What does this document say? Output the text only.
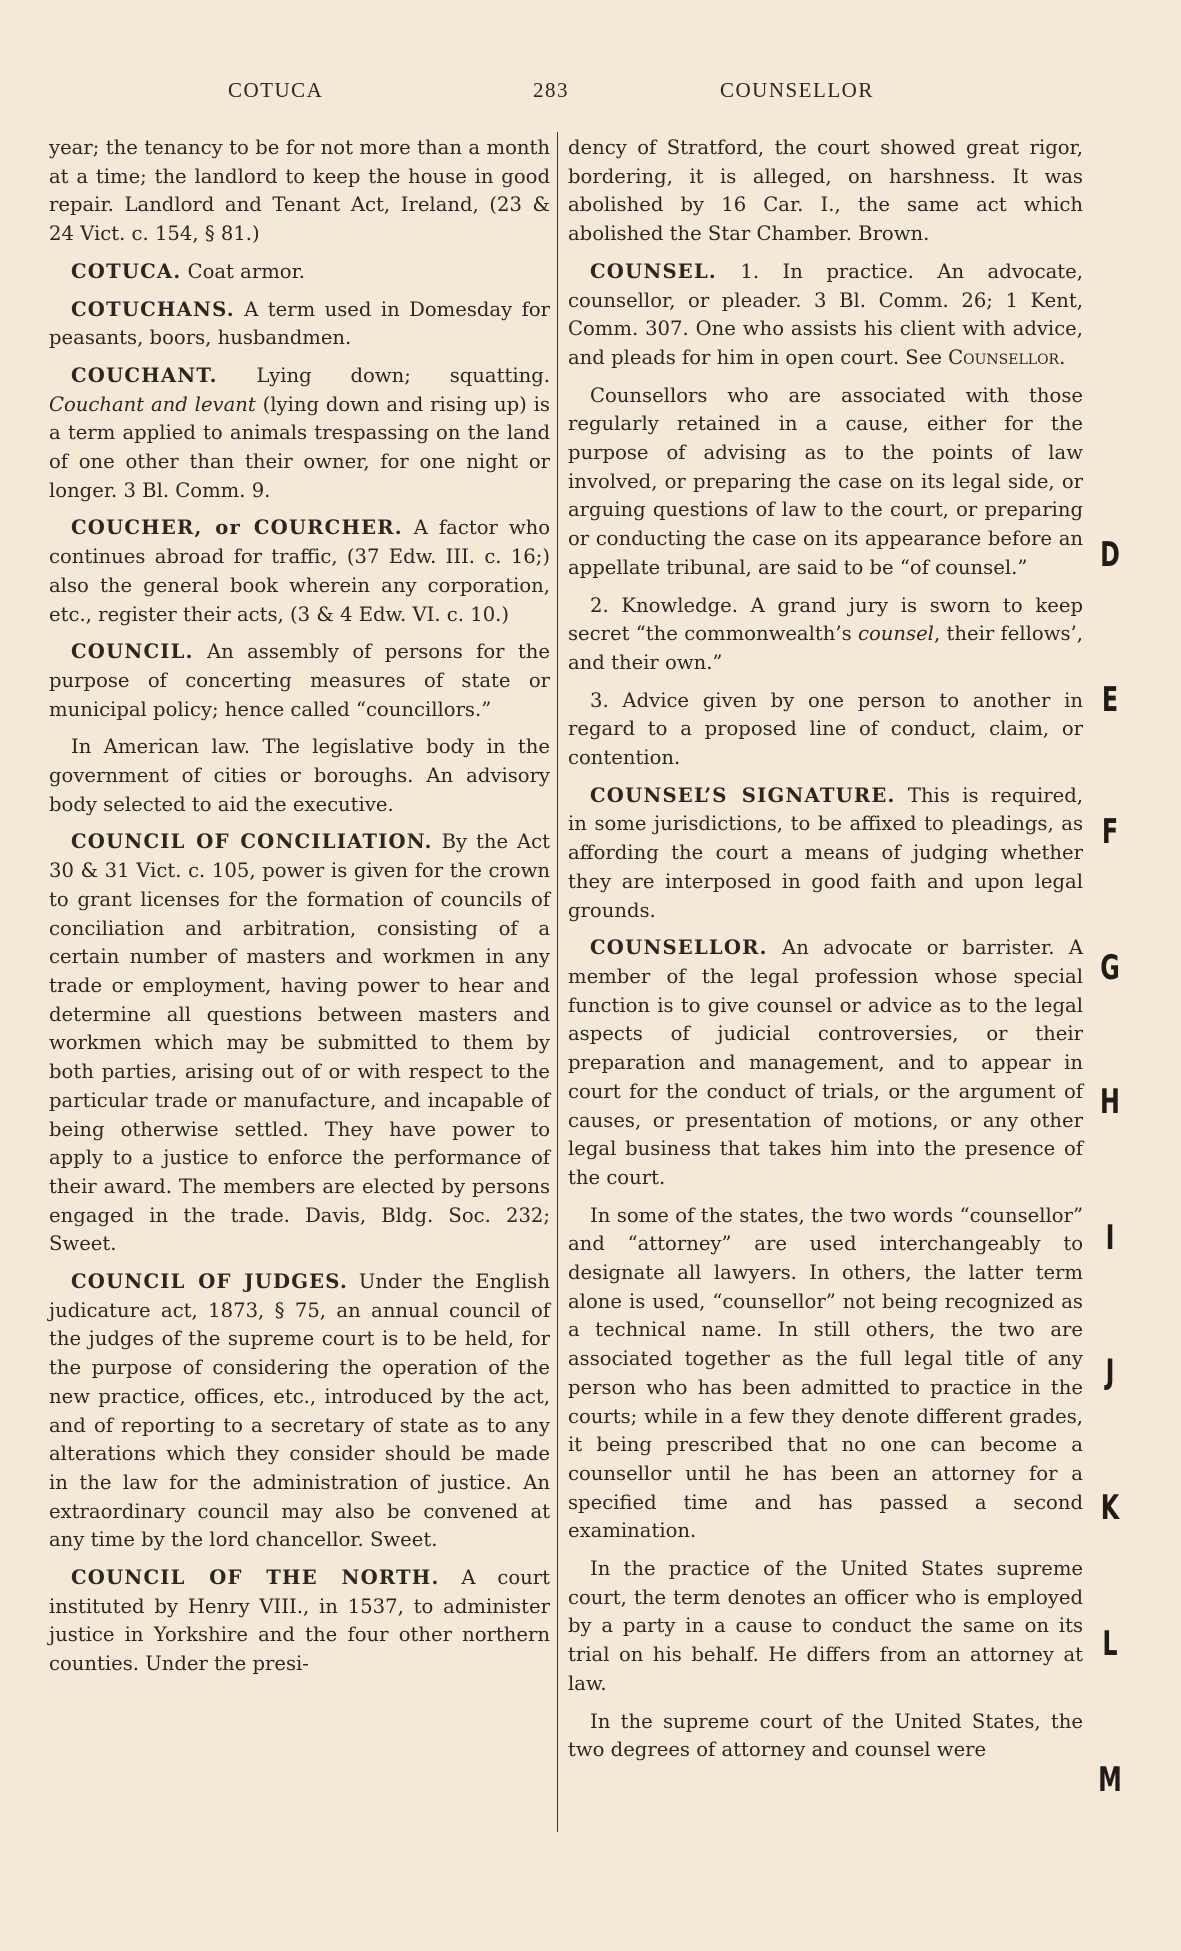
COTUCA	283	COUNSELLOR

year; the tenancy to be for not more than a month at a time; the landlord to keep the house in good repair. Landlord and Tenant Act, Ireland, (23 & 24 Vict. c. 154, § 81.)

COTUCA. Coat armor.

COTUCHANS. A term used in Domesday for peasants, boors, husbandmen.

COUCHANT. Lying down; squatting. Couchant and levant (lying down and rising up) is a term applied to animals trespassing on the land of one other than their owner, for one night or longer. 3 Bl. Comm. 9.

COUCHER, or COURCHER. A factor who continues abroad for traffic, (37 Edw. III. c. 16;) also the general book wherein any corporation, etc., register their acts, (3 & 4 Edw. VI. c. 10.)

COUNCIL. An assembly of persons for the purpose of concerting measures of state or municipal policy; hence called “councillors.”

In American law. The legislative body in the government of cities or boroughs. An advisory body selected to aid the executive.

COUNCIL OF CONCILIATION. By the Act 30 & 31 Vict. c. 105, power is given for the crown to grant licenses for the formation of councils of conciliation and arbitration, consisting of a certain number of masters and workmen in any trade or employment, having power to hear and determine all questions between masters and workmen which may be submitted to them by both parties, arising out of or with respect to the particular trade or manufacture, and incapable of being otherwise settled. They have power to apply to a justice to enforce the performance of their award. The members are elected by persons engaged in the trade. Davis, Bldg. Soc. 232; Sweet.

COUNCIL OF JUDGES. Under the English judicature act, 1873, § 75, an annual council of the judges of the supreme court is to be held, for the purpose of considering the operation of the new practice, offices, etc., introduced by the act, and of reporting to a secretary of state as to any alterations which they consider should be made in the law for the administration of justice. An extraordinary council may also be convened at any time by the lord chancellor. Sweet.

COUNCIL OF THE NORTH. A court instituted by Henry VIII., in 1537, to administer justice in Yorkshire and the four other northern counties. Under the presi-

dency of Stratford, the court showed great rigor, bordering, it is alleged, on harshness. It was abolished by 16 Car. I., the same act which abolished the Star Chamber. Brown.

COUNSEL. 1. In practice. An advocate, counsellor, or pleader. 3 Bl. Comm. 26; 1 Kent, Comm. 307. One who assists his client with advice, and pleads for him in open court. See Counsellor.

Counsellors who are associated with those regularly retained in a cause, either for the purpose of advising as to the points of law involved, or preparing the case on its legal side, or arguing questions of law to the court, or preparing or conducting the case on its appearance before an appellate tribunal, are said to be “of counsel.”

2. Knowledge. A grand jury is sworn to keep secret “the commonwealth’s counsel, their fellows’, and their own.”

3. Advice given by one person to another in regard to a proposed line of conduct, claim, or contention.

COUNSEL’S SIGNATURE. This is required, in some jurisdictions, to be affixed to pleadings, as affording the court a means of judging whether they are interposed in good faith and upon legal grounds.

COUNSELLOR. An advocate or barrister. A member of the legal profession whose special function is to give counsel or advice as to the legal aspects of judicial controversies, or their preparation and management, and to appear in court for the conduct of trials, or the argument of causes, or presentation of motions, or any other legal business that takes him into the presence of the court.

In some of the states, the two words “counsellor” and “attorney” are used interchangeably to designate all lawyers. In others, the latter term alone is used, “counsellor” not being recognized as a technical name. In still others, the two are associated together as the full legal title of any person who has been admitted to practice in the courts; while in a few they denote different grades, it being prescribed that no one can become a counsellor until he has been an attorney for a specified time and has passed a second examination.

In the practice of the United States supreme court, the term denotes an officer who is employed by a party in a cause to conduct the same on its trial on his behalf. He differs from an attorney at law.

In the supreme court of the United States, the two degrees of attorney and counsel were

D
E
F
G
H
I
J
K
L
M
